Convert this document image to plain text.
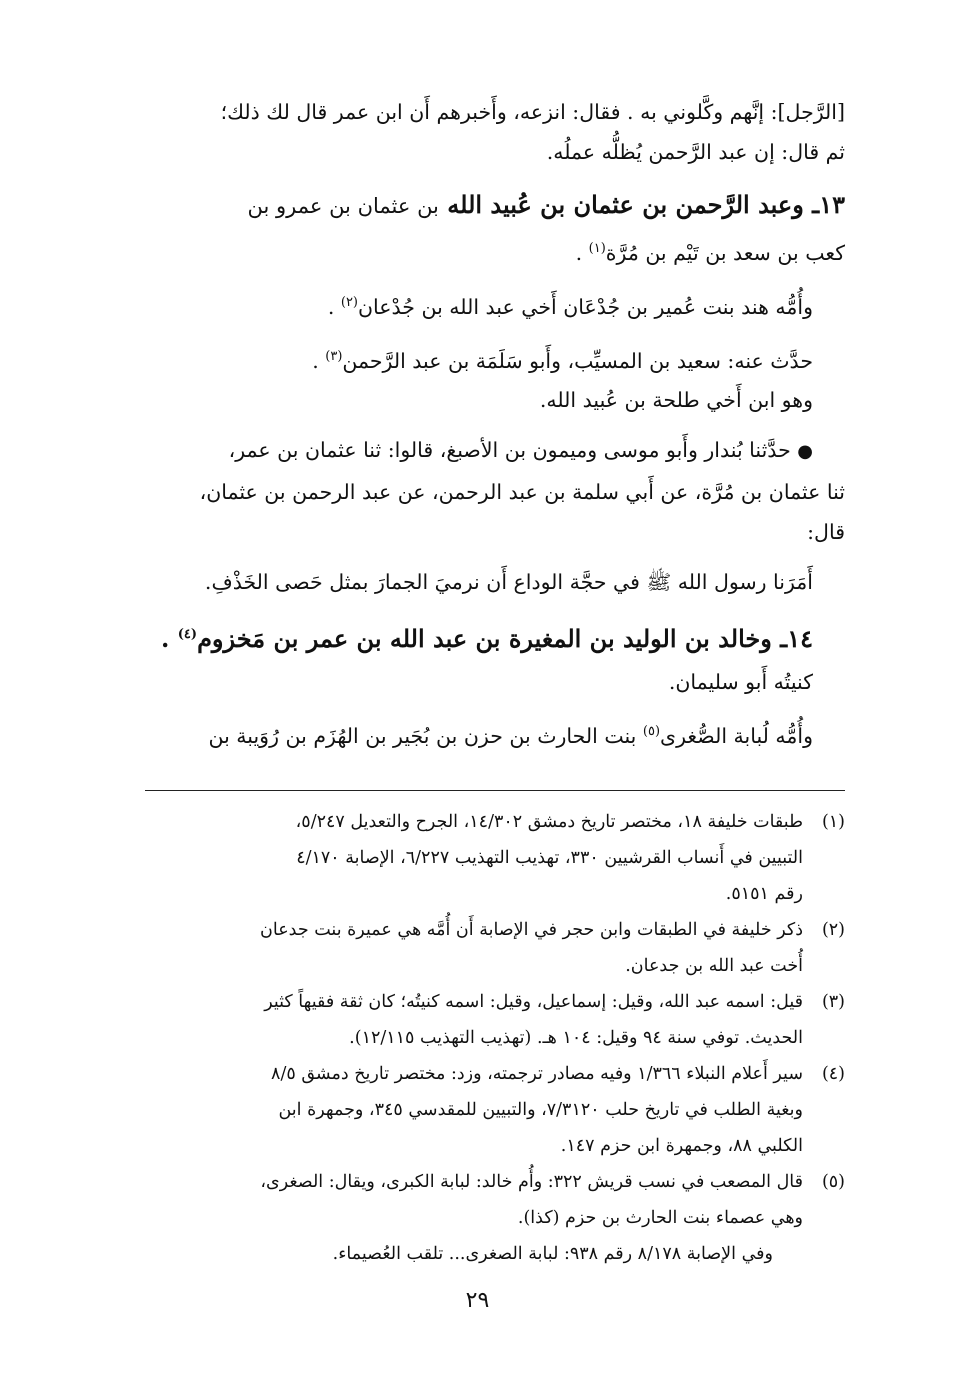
[الرَّجل]: إنَّهم وكَّلوني به . فقال: انزعه، وأَخبرهم أَن ابن عمر قال لك ذلك؛

ثم قال: إن عبد الرَّحمن يُظلُّه عملُه.

١٣ـ وعبد الرَّحمن بن عثمان بن عُبيد الله بن عثمان بن عمرو بن

كعب بن سعد بن تَيْم بن مُرَّة$^{(١)}$ .

وأُمُّه هند بنت عُمير بن جُدْعَان أَخي عبد الله بن جُدْعان$^{(٢)}$ .

حدَّث عنه: سعيد بن المسيِّب، وأَبو سَلَمَة بن عبد الرَّحمن$^{(٣)}$ .

وهو ابن أَخي طلحة بن عُبيد الله.

● حدَّثنا بُندار وأَبو موسى وميمون بن الأصبغ، قالوا: ثنا عثمان بن عمر،

ثنا عثمان بن مُرَّة، عن أَبي سلمة بن عبد الرحمن، عن عبد الرحمن بن عثمان،

قال:

أَمَرَنا رسول الله ﷺ في حجَّة الوداع أَن نرميَ الجمارَ بمثل حَصى الخَذْفِ.

١٤ـ وخالد بن الوليد بن المغيرة بن عبد الله بن عمر بن مَخزوم$^{(٤)}$ .

كنيتُه أَبو سليمان.

وأُمُّه لُبابة الصُّغرى$^{(٥)}$ بنت الحارث بن حزن بن بُجَير بن الهُزَم بن رُوَيبة بن

(١)
طبقات خليفة ١٨، مختصر تاريخ دمشق ١٤/٣٠٢، الجرح والتعديل ٥/٢٤٧،
التبيين في أَنساب القرشيين ٣٣٠، تهذيب التهذيب ٦/٢٢٧، الإصابة ٤/١٧٠
رقم ٥١٥١.
(٢)
ذكر خليفة في الطبقات وابن حجر في الإصابة أَن أُمَّه هي عميرة بنت جدعان
أُخت عبد الله بن جدعان.
(٣)
قيل: اسمه عبد الله، وقيل: إسماعيل، وقيل: اسمه كنيتُه؛ كان ثقة فقيهاً كثير
الحديث. توفي سنة ٩٤ وقيل: ١٠٤ هـ. (تهذيب التهذيب ١٢/١١٥).
(٤)
سير أَعلام النبلاء ١/٣٦٦ وفيه مصادر ترجمته، وزد: مختصر تاريخ دمشق ٨/٥
وبغية الطلب في تاريخ حلب ٧/٣١٢٠، والتبيين للمقدسي ٣٤٥، وجمهرة ابن
الكلبي ٨٨، وجمهرة ابن حزم ١٤٧.
(٥)
قال المصعب في نسب قريش ٣٢٢: وأُم خالد: لبابة الكبرى، ويقال: الصغرى،
وهي عصماء بنت الحارث بن حزم (كذا).
وفي الإصابة ٨/١٧٨ رقم ٩٣٨: لبابة الصغرى... تلقب العُصيماء.
٢٩
